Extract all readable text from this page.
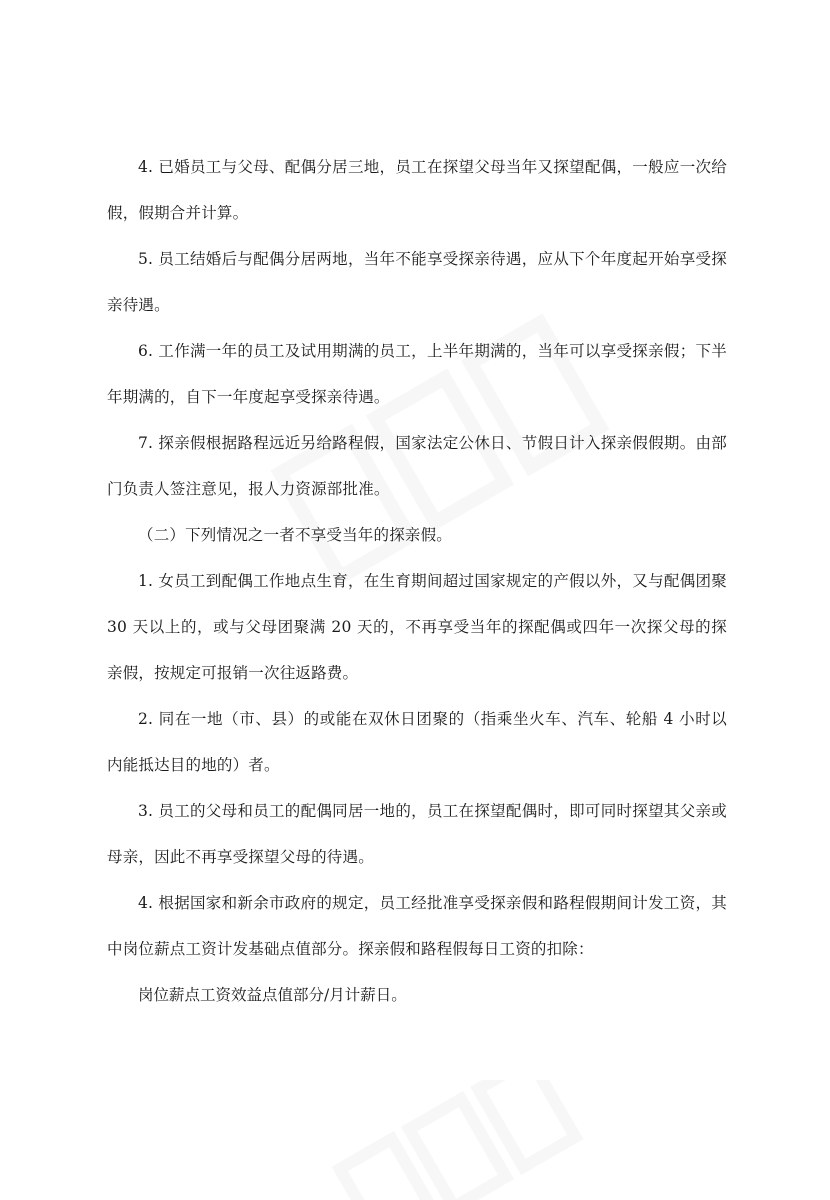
4. 已婚员工与父母、配偶分居三地，员工在探望父母当年又探望配偶，一般应一次给假，假期合并计算。

5. 员工结婚后与配偶分居两地，当年不能享受探亲待遇，应从下个年度起开始享受探亲待遇。

6. 工作满一年的员工及试用期满的员工，上半年期满的，当年可以享受探亲假；下半年期满的，自下一年度起享受探亲待遇。

7. 探亲假根据路程远近另给路程假，国家法定公休日、节假日计入探亲假假期。由部门负责人签注意见，报人力资源部批准。

（二）下列情况之一者不享受当年的探亲假。

1. 女员工到配偶工作地点生育，在生育期间超过国家规定的产假以外，又与配偶团聚 30 天以上的，或与父母团聚满 20 天的，不再享受当年的探配偶或四年一次探父母的探亲假，按规定可报销一次往返路费。

2. 同在一地（市、县）的或能在双休日团聚的（指乘坐火车、汽车、轮船 4 小时以内能抵达目的地的）者。

3. 员工的父母和员工的配偶同居一地的，员工在探望配偶时，即可同时探望其父亲或母亲，因此不再享受探望父母的待遇。

4. 根据国家和新余市政府的规定，员工经批准享受探亲假和路程假期间计发工资，其中岗位薪点工资计发基础点值部分。探亲假和路程假每日工资的扣除：

岗位薪点工资效益点值部分/月计薪日。
